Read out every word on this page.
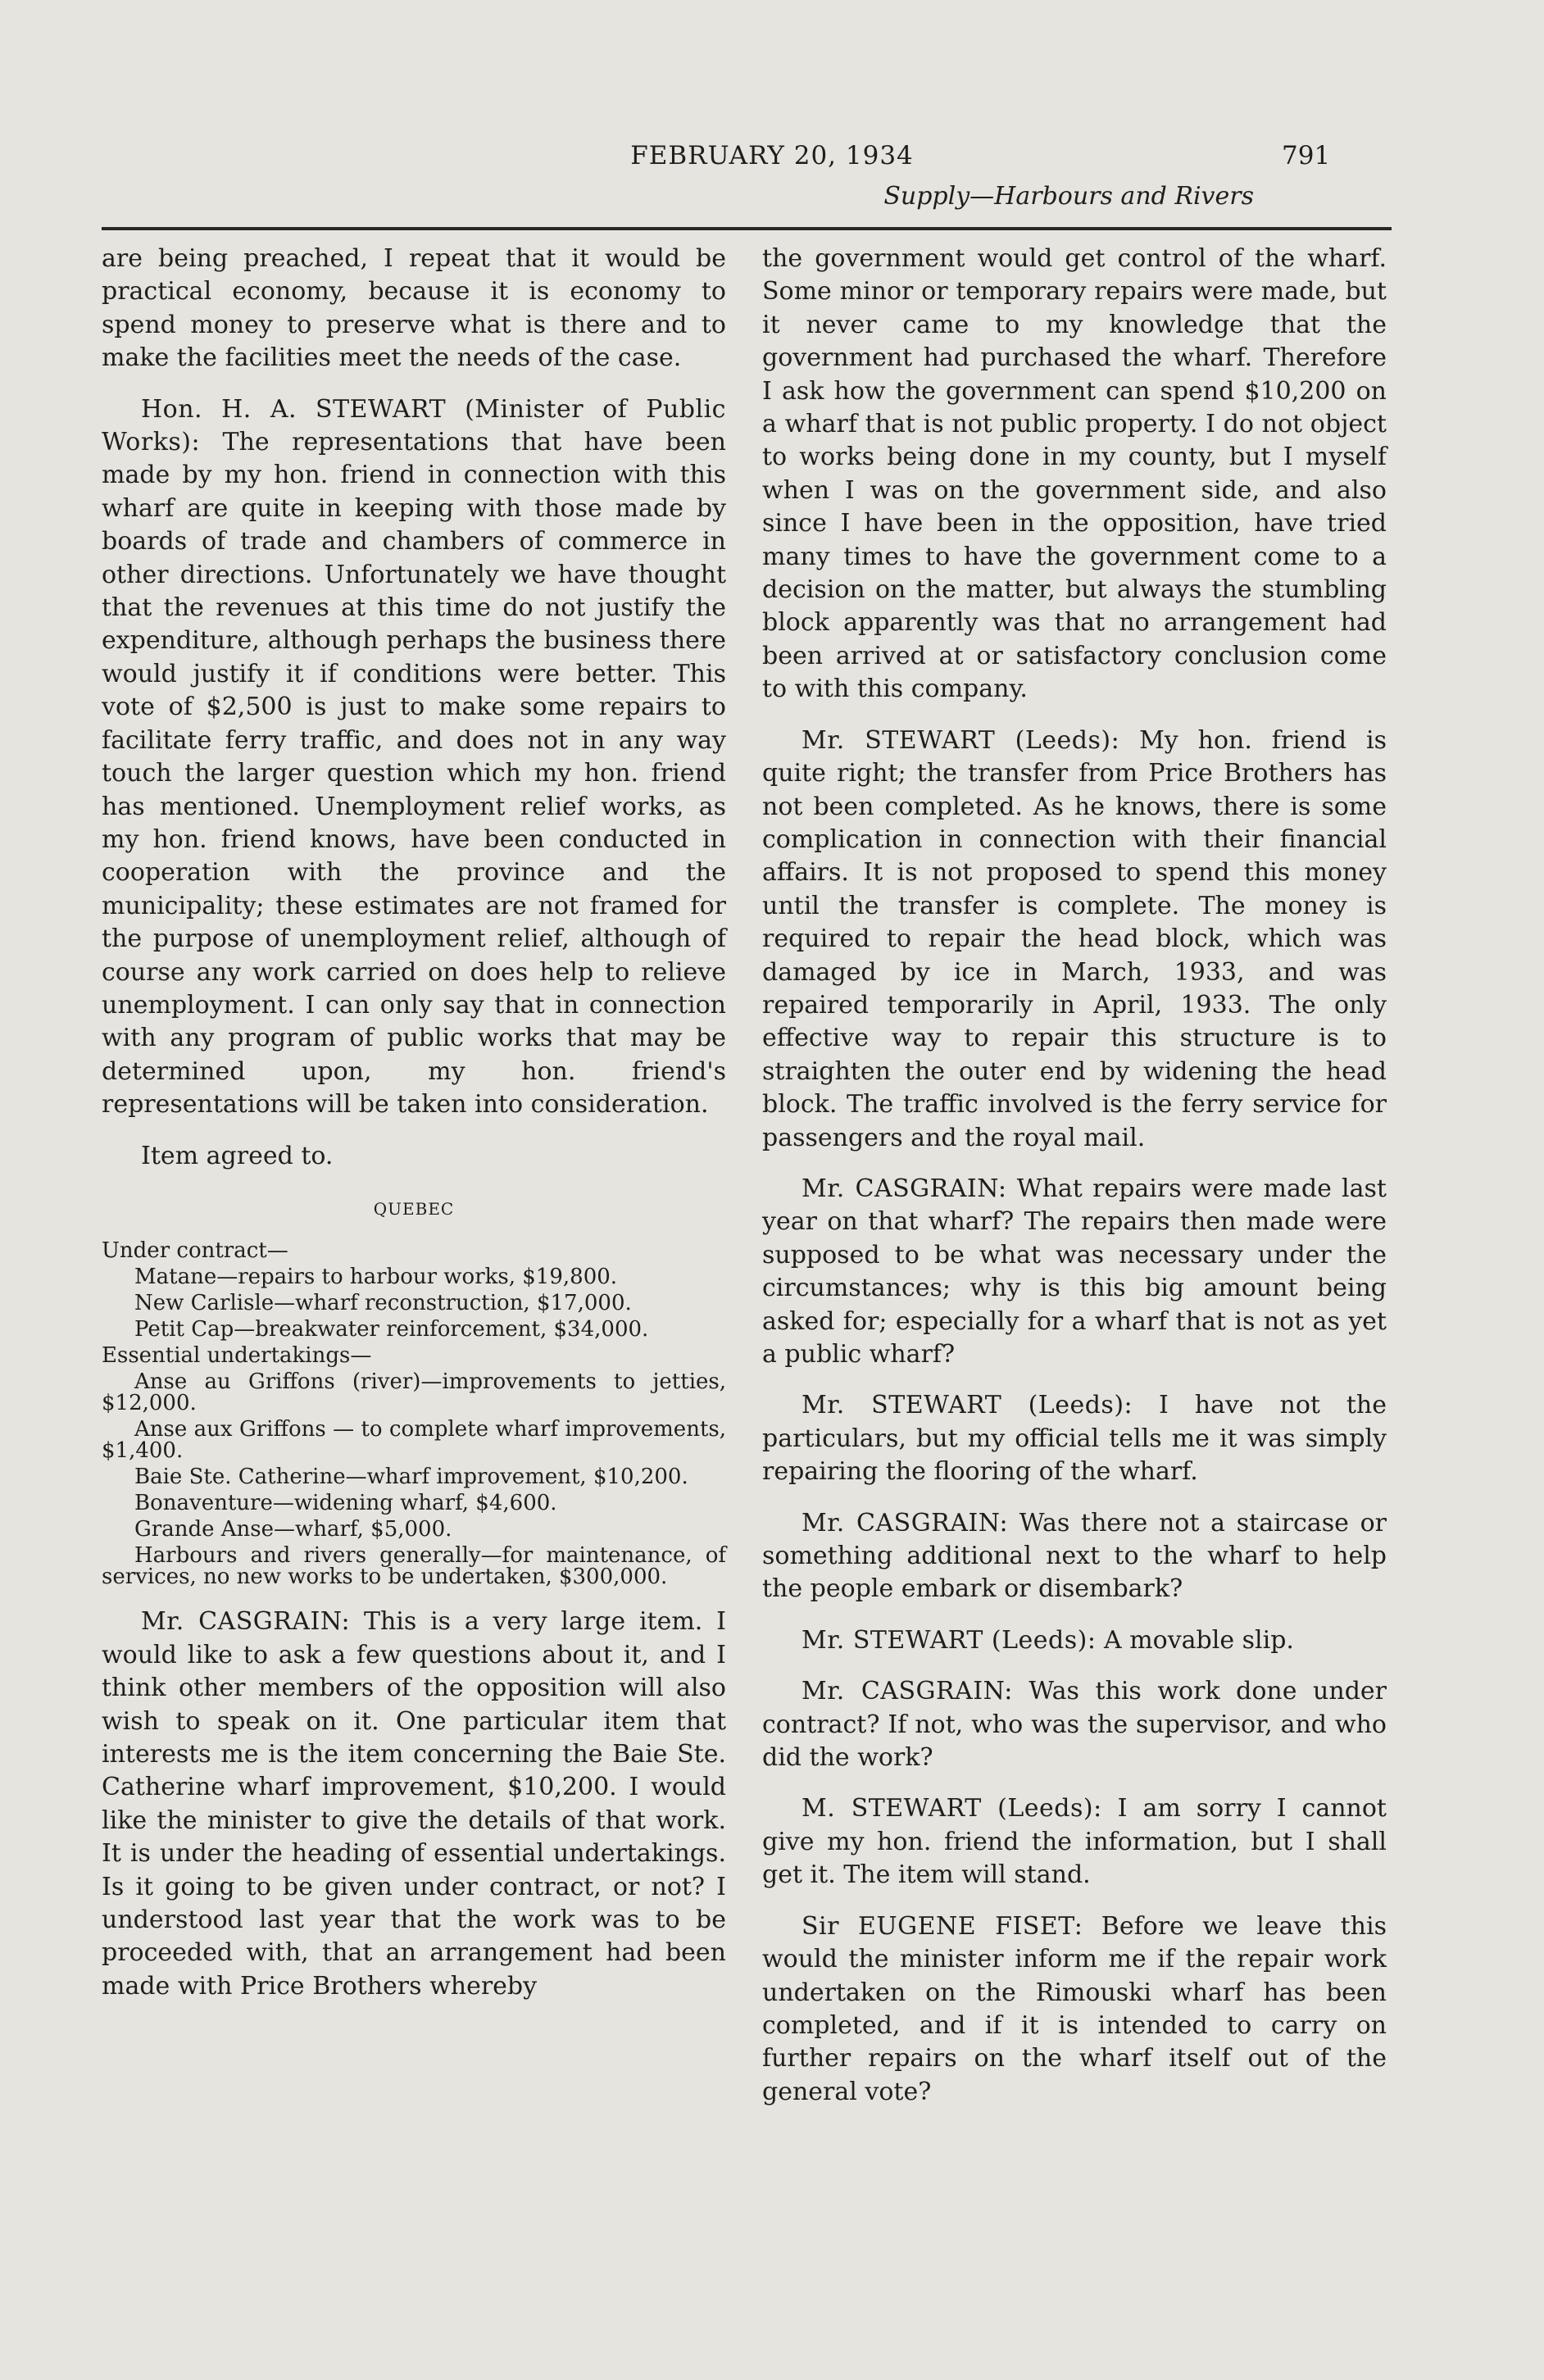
FEBRUARY 20, 1934	791
Supply—Harbours and Rivers

are being preached, I repeat that it would be practical economy, because it is economy to spend money to preserve what is there and to make the facilities meet the needs of the case.

Hon. H. A. STEWART (Minister of Public Works): The representations that have been made by my hon. friend in connection with this wharf are quite in keeping with those made by boards of trade and chambers of commerce in other directions. Unfortunately we have thought that the revenues at this time do not justify the expenditure, although perhaps the business there would justify it if conditions were better. This vote of $2,500 is just to make some repairs to facilitate ferry traffic, and does not in any way touch the larger question which my hon. friend has mentioned. Unemployment relief works, as my hon. friend knows, have been conducted in cooperation with the province and the municipality; these estimates are not framed for the purpose of unemployment relief, although of course any work carried on does help to relieve unemployment. I can only say that in connection with any program of public works that may be determined upon, my hon. friend's representations will be taken into consideration.

Item agreed to.

QUEBEC
Under contract—
Matane—repairs to harbour works, $19,800.
New Carlisle—wharf reconstruction, $17,000.
Petit Cap—breakwater reinforcement, $34,000.
Essential undertakings—
Anse au Griffons (river)—improvements to jetties, $12,000.
Anse aux Griffons — to complete wharf improvements, $1,400.
Baie Ste. Catherine—wharf improvement, $10,200.
Bonaventure—widening wharf, $4,600.
Grande Anse—wharf, $5,000.
Harbours and rivers generally—for maintenance, of services, no new works to be undertaken, $300,000.

Mr. CASGRAIN: This is a very large item. I would like to ask a few questions about it, and I think other members of the opposition will also wish to speak on it. One particular item that interests me is the item concerning the Baie Ste. Catherine wharf improvement, $10,200. I would like the minister to give the details of that work. It is under the heading of essential undertakings. Is it going to be given under contract, or not? I understood last year that the work was to be proceeded with, that an arrangement had been made with Price Brothers whereby

the government would get control of the wharf. Some minor or temporary repairs were made, but it never came to my knowledge that the government had purchased the wharf. Therefore I ask how the government can spend $10,200 on a wharf that is not public property. I do not object to works being done in my county, but I myself when I was on the government side, and also since I have been in the opposition, have tried many times to have the government come to a decision on the matter, but always the stumbling block apparently was that no arrangement had been arrived at or satisfactory conclusion come to with this company.

Mr. STEWART (Leeds): My hon. friend is quite right; the transfer from Price Brothers has not been completed. As he knows, there is some complication in connection with their financial affairs. It is not proposed to spend this money until the transfer is complete. The money is required to repair the head block, which was damaged by ice in March, 1933, and was repaired temporarily in April, 1933. The only effective way to repair this structure is to straighten the outer end by widening the head block. The traffic involved is the ferry service for passengers and the royal mail.

Mr. CASGRAIN: What repairs were made last year on that wharf? The repairs then made were supposed to be what was necessary under the circumstances; why is this big amount being asked for; especially for a wharf that is not as yet a public wharf?

Mr. STEWART (Leeds): I have not the particulars, but my official tells me it was simply repairing the flooring of the wharf.

Mr. CASGRAIN: Was there not a staircase or something additional next to the wharf to help the people embark or disembark?

Mr. STEWART (Leeds): A movable slip.

Mr. CASGRAIN: Was this work done under contract? If not, who was the supervisor, and who did the work?

M. STEWART (Leeds): I am sorry I cannot give my hon. friend the information, but I shall get it. The item will stand.

Sir EUGENE FISET: Before we leave this would the minister inform me if the repair work undertaken on the Rimouski wharf has been completed, and if it is intended to carry on further repairs on the wharf itself out of the general vote?
